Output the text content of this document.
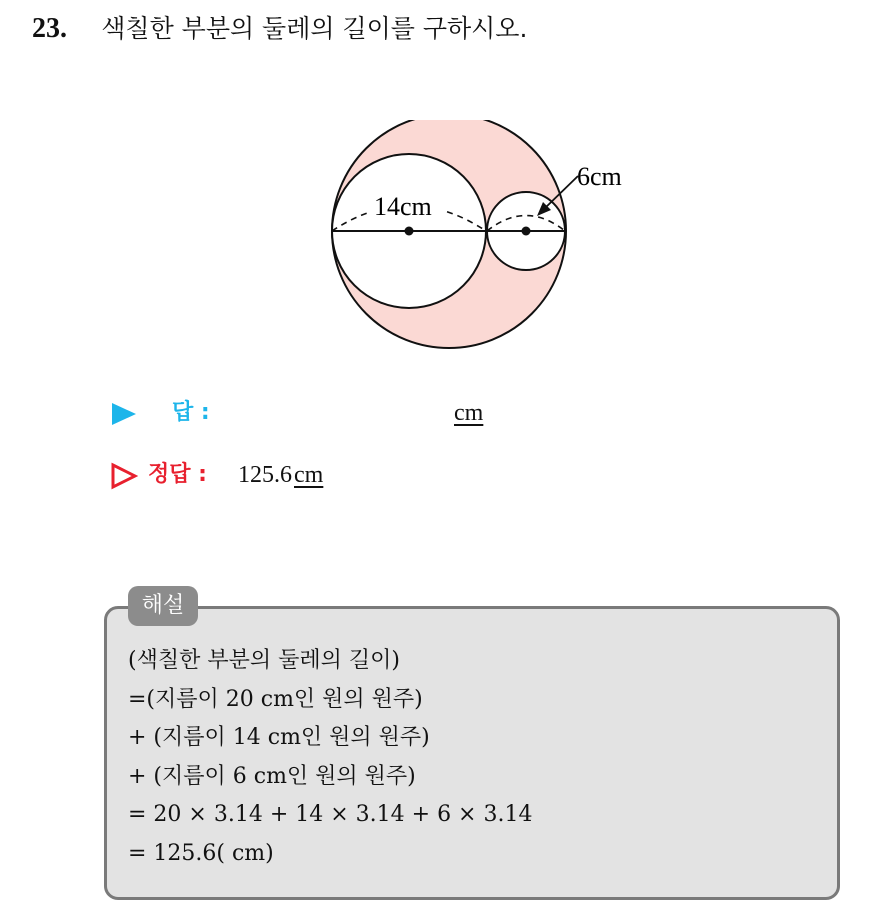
23. 색칠한 부분의 둘레의 길이를 구하시오.
14cm
6cm
답 :	cm
정답 : 125.6cm
해설
(색칠한 부분의 둘레의 길이)
=(지름이 20 cm인 원의 원주)
+ (지름이 14 cm인 원의 원주)
+ (지름이 6 cm인 원의 원주)
= 20 × 3.14 + 14 × 3.14 + 6 × 3.14
= 125.6( cm)
